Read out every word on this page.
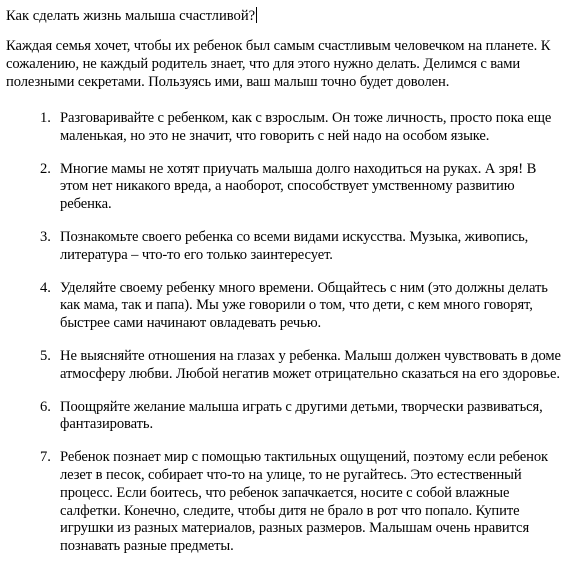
Как сделать жизнь малыша счастливой?

Каждая семья хочет, чтобы их ребенок был самым счастливым человечком на планете. К сожалению, не каждый родитель знает, что для этого нужно делать. Делимся с вами полезными секретами. Пользуясь ими, ваш малыш точно будет доволен.

1. Разговаривайте с ребенком, как с взрослым. Он тоже личность, просто пока еще маленькая, но это не значит, что говорить с ней надо на особом языке.
2. Многие мамы не хотят приучать малыша долго находиться на руках. А зря! В этом нет никакого вреда, а наоборот, способствует умственному развитию ребенка.
3. Познакомьте своего ребенка со всеми видами искусства. Музыка, живопись, литература – что-то его только заинтересует.
4. Уделяйте своему ребенку много времени. Общайтесь с ним (это должны делать как мама, так и папа). Мы уже говорили о том, что дети, с кем много говорят, быстрее сами начинают овладевать речью.
5. Не выясняйте отношения на глазах у ребенка. Малыш должен чувствовать в доме атмосферу любви. Любой негатив может отрицательно сказаться на его здоровье.
6. Поощряйте желание малыша играть с другими детьми, творчески развиваться, фантазировать.
7. Ребенок познает мир с помощью тактильных ощущений, поэтому если ребенок лезет в песок, собирает что-то на улице, то не ругайтесь. Это естественный процесс. Если боитесь, что ребенок запачкается, носите с собой влажные салфетки. Конечно, следите, чтобы дитя не брало в рот что попало. Купите игрушки из разных материалов, разных размеров. Малышам очень нравится познавать разные предметы.
